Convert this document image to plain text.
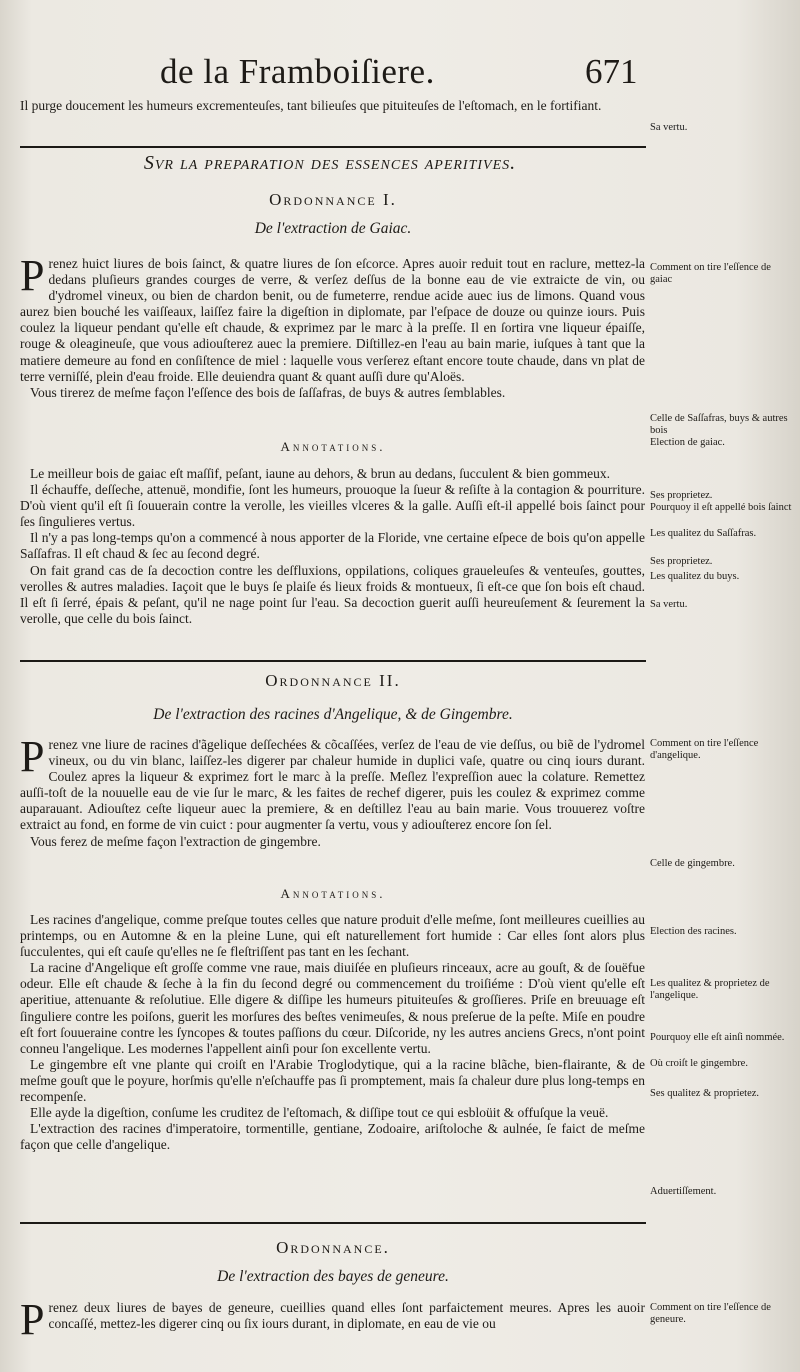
de la Framboiſiere.	671
Il purge doucement les humeurs excrementeuſes, tant bilieuſes que pituiteuſes de l'eſtomach, en le fortifiant.
Sa vertu.
Svr la preparation des essences aperitives.
Ordonnance I.
De l'extraction de Gaiac.

Prenez huict liures de bois ſainct, & quatre liures de ſon eſcorce. Apres auoir reduit tout en raclure, mettez-la dedans pluſieurs grandes courges de verre, & verſez deſſus de la bonne eau de vie extraicte de vin, ou d'ydromel vineux, ou bien de chardon benit, ou de fumeterre, rendue acide auec ius de limons. Quand vous aurez bien bouché les vaiſſeaux, laiſſez faire la digeſtion in diplomate, par l'eſpace de douze ou quinze iours. Puis coulez la liqueur pendant qu'elle eſt chaude, & exprimez par le marc à la preſſe. Il en ſortira vne liqueur épaiſſe, rouge & oleagineuſe, que vous adiouſterez auec la premiere. Diſtillez-en l'eau au bain marie, iuſques à tant que la matiere demeure au fond en conſiſtence de miel : laquelle vous verſerez eſtant encore toute chaude, dans vn plat de terre verniſſé, plein d'eau froide. Elle deuiendra quant & quant auſſi dure qu'Aloës.

Vous tirerez de meſme façon l'eſſence des bois de ſaſſafras, de buys & autres ſemblables.

Comment on tire l'eſſence de gaiac
Celle de Saſſafras, buys & autres bois
Election de gaiac.
Annotations.

Le meilleur bois de gaiac eſt maſſif, peſant, iaune au dehors, & brun au dedans, ſucculent & bien gommeux.

Il échauffe, deſſeche, attenuë, mondifie, ſont les humeurs, prouoque la ſueur & reſiſte à la contagion & pourriture. D'où vient qu'il eſt ſi ſouuerain contre la verolle, les vieilles vlceres & la galle. Auſſi eſt-il appellé bois ſainct pour ſes ſingulieres vertus.

Il n'y a pas long-temps qu'on a commencé à nous apporter de la Floride, vne certaine eſpece de bois qu'on appelle Saſſafras. Il eſt chaud & ſec au ſecond degré.

On fait grand cas de ſa decoction contre les deſfluxions, oppilations, coliques graueleuſes & venteuſes, gouttes, verolles & autres maladies. Iaçoit que le buys ſe plaiſe és lieux froids & montueux, ſi eſt-ce que ſon bois eſt chaud. Il eſt ſi ſerré, épais & peſant, qu'il ne nage point ſur l'eau. Sa decoction guerit auſſi heureuſement & ſeurement la verolle, que celle du bois ſainct.

Ses proprietez.
Pourquoy il eſt appellé bois ſainct
Les qualitez du Saſſafras.
Ses proprietez.
Les qualitez du buys.
Sa vertu.
Ordonnance II.
De l'extraction des racines d'Angelique, & de Gingembre.

Prenez vne liure de racines d'ãgelique deſſechées & cõcaſſées, verſez de l'eau de vie deſſus, ou biẽ de l'ydromel vineux, ou du vin blanc, laiſſez-les digerer par chaleur humide in duplici vaſe, quatre ou cinq iours durant. Coulez apres la liqueur & exprimez fort le marc à la preſſe. Meſlez l'expreſſion auec la colature. Remettez auſſi-toſt de la nouuelle eau de vie ſur le marc, & les faites de rechef digerer, puis les coulez & exprimez comme auparauant. Adiouſtez ceſte liqueur auec la premiere, & en deſtillez l'eau au bain marie. Vous trouuerez voſtre extraict au fond, en forme de vin cuict : pour augmenter ſa vertu, vous y adiouſterez encore ſon ſel.

Vous ferez de meſme façon l'extraction de gingembre.

Comment on tire l'eſſence d'angelique.
Celle de gingembre.
Annotations.

Les racines d'angelique, comme preſque toutes celles que nature produit d'elle meſme, ſont meilleures cueillies au printemps, ou en Automne & en la pleine Lune, qui eſt naturellement fort humide : Car elles ſont alors plus ſucculentes, qui eſt cauſe qu'elles ne ſe fleſtriſſent pas tant en les ſechant.

La racine d'Angelique eſt groſſe comme vne raue, mais diuiſée en pluſieurs rinceaux, acre au gouſt, & de ſouëfue odeur. Elle eſt chaude & ſeche à la fin du ſecond degré ou commencement du troiſiéme : D'où vient qu'elle eſt aperitiue, attenuante & reſolutiue. Elle digere & diſſipe les humeurs pituiteuſes & groſſieres. Priſe en breuuage eſt ſinguliere contre les poiſons, guerit les morſures des beſtes venimeuſes, & nous preſerue de la peſte. Miſe en poudre eſt fort ſouueraine contre les ſyncopes & toutes paſſions du cœur. Diſcoride, ny les autres anciens Grecs, n'ont point conneu l'angelique. Les modernes l'appellent ainſi pour ſon excellente vertu.

Le gingembre eſt vne plante qui croiſt en l'Arabie Troglodytique, qui a la racine blãche, bien-flairante, & de meſme gouſt que le poyure, horſmis qu'elle n'eſchauffe pas ſi promptement, mais ſa chaleur dure plus long-temps en recompenſe.

Elle ayde la digeſtion, conſume les cruditez de l'eſtomach, & diſſipe tout ce qui esbloüit & offuſque la veuë.

L'extraction des racines d'imperatoire, tormentille, gentiane, Zodoaire, ariſtoloche & aulnée, ſe faict de meſme façon que celle d'angelique.

Election des racines.
Les qualitez & proprietez de l'angelique.
Pourquoy elle eſt ainſi nommée.
Où croiſt le gingembre.
Ses qualitez & proprietez.
Aduertiſſement.
Ordonnance.
De l'extraction des bayes de geneure.

Prenez deux liures de bayes de geneure, cueillies quand elles ſont parfaictement meures. Apres les auoir concaſſé, mettez-les digerer cinq ou ſix iours durant, in diplomate, en eau de vie ou

Comment on tire l'eſſence de geneure.
